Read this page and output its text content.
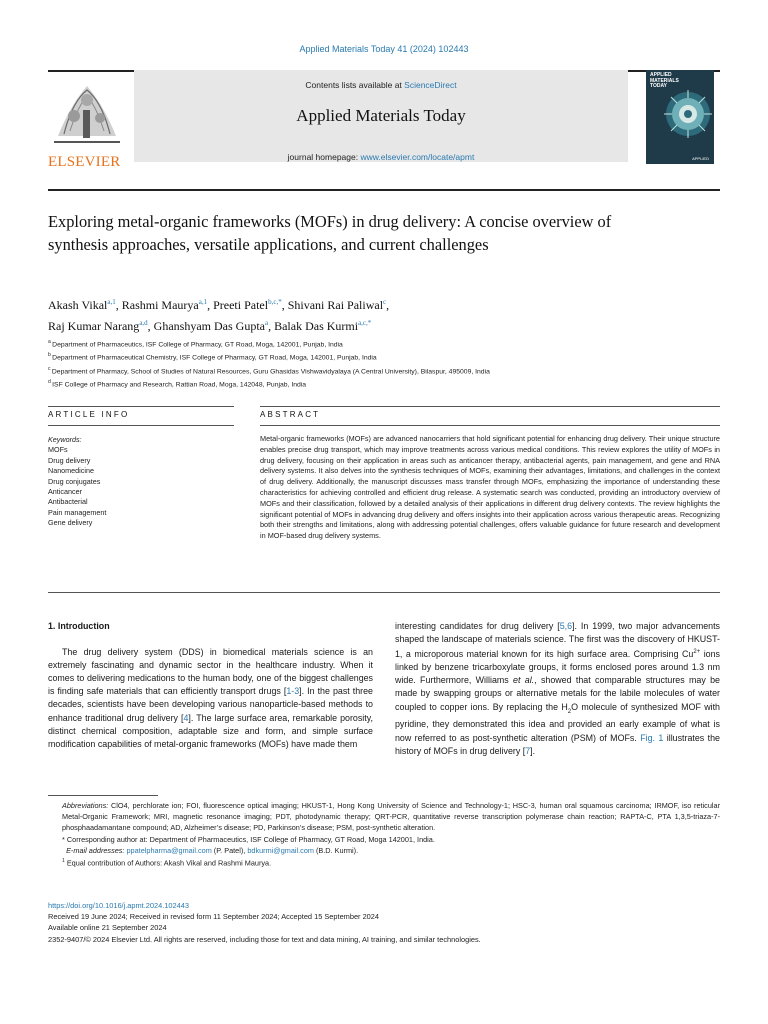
Applied Materials Today 41 (2024) 102443
ELSEVIER
Contents lists available at ScienceDirect
Applied Materials Today
journal homepage: www.elsevier.com/locate/apmt
APPLIED
MATERIALS
TODAY
APPLIED
Exploring metal-organic frameworks (MOFs) in drug delivery: A concise overview of synthesis approaches, versatile applications, and current challenges
Akash Vikal$^{a,1}$, Rashmi Maurya$^{a,1}$, Preeti Patel$^{b,c,*}$, Shivani Rai Paliwal$^c$,
Raj Kumar Narang$^{a,d}$, Ghanshyam Das Gupta$^a$, Balak Das Kurmi$^{a,c,*}$
$^a$ Department of Pharmaceutics, ISF College of Pharmacy, GT Road, Moga, 142001, Punjab, India
$^b$ Department of Pharmaceutical Chemistry, ISF College of Pharmacy, GT Road, Moga, 142001, Punjab, India
$^c$ Department of Pharmacy, School of Studies of Natural Resources, Guru Ghasidas Vishwavidyalaya (A Central University), Bilaspur, 495009, India
$^d$ ISF College of Pharmacy and Research, Rattian Road, Moga, 142048, Punjab, India
ARTICLE INFO	ABSTRACT
Keywords:
MOFs
Drug delivery
Nanomedicine
Drug conjugates
Anticancer
Antibacterial
Pain management
Gene delivery
Metal-organic frameworks (MOFs) are advanced nanocarriers that hold significant potential for enhancing drug delivery. Their unique structure enables precise drug transport, which may improve treatments across various medical conditions. This review explores the utility of MOFs in drug delivery, focusing on their application in areas such as anticancer therapy, antibacterial agents, pain management, and gene and RNA delivery systems. It also delves into the synthesis techniques of MOFs, examining their advantages, limitations, and challenges in the context of drug delivery. Additionally, the manuscript discusses mass transfer through MOFs, emphasizing the importance of understanding these characteristics for achieving controlled and efficient drug release. A systematic search was conducted, providing an introductory overview of MOFs and their classification, followed by a detailed analysis of their applications in different drug delivery contexts. The review highlights the significant potential of MOFs in advancing drug delivery and offers insights into their application across various therapeutic areas. Recognizing both their strengths and limitations, along with addressing potential challenges, offers valuable guidance for future research and development in MOF-based drug delivery systems.
1. Introduction

The drug delivery system (DDS) in biomedical materials science is an extremely fascinating and dynamic sector in the healthcare industry. When it comes to delivering medications to the human body, one of the biggest challenges is finding safe materials that can efficiently transport drugs [1-3]. In the past three decades, scientists have been developing various nanoparticle-based methods to enhance traditional drug delivery [4]. The large surface area, remarkable porosity, distinct chemical composition, adaptable size and form, and simple surface modification capabilities of metal-organic frameworks (MOFs) have made them

interesting candidates for drug delivery [5,6]. In 1999, two major advancements shaped the landscape of materials science. The first was the discovery of HKUST-1, a microporous material known for its high surface area. Comprising $Cu^{2+}$ ions linked by benzene tricarboxylate groups, it forms enclosed pores around 1.3 nm wide. Furthermore, Williams et al., showed that comparable structures may be made by swapping groups or alternative metals for the labile molecules of water coupled to copper ions. By replacing the $H_2O$ molecule of synthesized MOF with pyridine, they demonstrated this idea and provided an early example of what is now referred to as post-synthetic alteration (PSM) of MOFs. Fig. 1 illustrates the history of MOFs in drug delivery [7].

Abbreviations: ClO4, perchlorate ion; FOI, fluorescence optical imaging; HKUST-1, Hong Kong University of Science and Technology-1; HSC-3, human oral squamous carcinoma; IRMOF, iso reticular Metal-Organic Framework; MRI, magnetic resonance imaging; PDT, photodynamic therapy; QRT-PCR, quantitative reverse transcription polymerase chain reaction; RAPTA-C, PTA 1,3,5-triaza-7-phosphaadamantane compound; AD, Alzheimer’s disease; PD, Parkinson’s disease; PSM, post-synthetic alteration.

* Corresponding author at: Department of Pharmaceutics, ISF College of Pharmacy, GT Road, Moga 142001, India.

E-mail addresses: ppatelpharma@gmail.com (P. Patel), bdkurmi@gmail.com (B.D. Kurmi).

$^1$ Equal contribution of Authors: Akash Vikal and Rashmi Maurya.

https://doi.org/10.1016/j.apmt.2024.102443

Received 19 June 2024; Received in revised form 11 September 2024; Accepted 15 September 2024

Available online 21 September 2024

2352-9407/© 2024 Elsevier Ltd. All rights are reserved, including those for text and data mining, AI training, and similar technologies.
